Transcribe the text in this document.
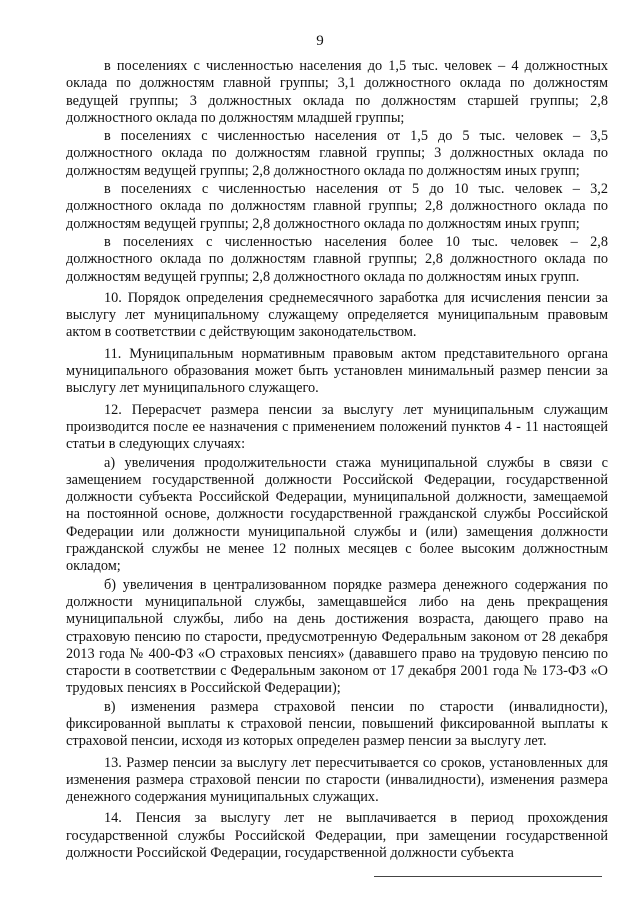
9

в поселениях с численностью населения до 1,5 тыс. человек – 4 должностных оклада по должностям главной группы; 3,1 должностного оклада по должностям ведущей группы; 3 должностных оклада по должностям старшей группы; 2,8 должностного оклада по должностям младшей группы;

в поселениях с численностью населения от 1,5 до 5 тыс. человек – 3,5 должностного оклада по должностям главной группы; 3 должностных оклада по должностям ведущей группы; 2,8 должностного оклада по должностям иных групп;

в поселениях с численностью населения от 5 до 10 тыс. человек – 3,2 должностного оклада по должностям главной группы; 2,8 должностного оклада по должностям ведущей группы; 2,8 должностного оклада по должностям иных групп;

в поселениях с численностью населения более 10 тыс. человек – 2,8 должностного оклада по должностям главной группы; 2,8 должностного оклада по должностям ведущей группы; 2,8 должностного оклада по должностям иных групп.

10. Порядок определения среднемесячного заработка для исчисления пенсии за выслугу лет муниципальному служащему определяется муниципальным правовым актом в соответствии с действующим законодательством.

11. Муниципальным нормативным правовым актом представительного органа муниципального образования может быть установлен минимальный размер пенсии за выслугу лет муниципального служащего.

12. Перерасчет размера пенсии за выслугу лет муниципальным служащим производится после ее назначения с применением положений пунктов 4 - 11 настоящей статьи в следующих случаях:

а) увеличения продолжительности стажа муниципальной службы в связи с замещением государственной должности Российской Федерации, государственной должности субъекта Российской Федерации, муниципальной должности, замещаемой на постоянной основе, должности государственной гражданской службы Российской Федерации или должности муниципальной службы и (или) замещения должности гражданской службы не менее 12 полных месяцев с более высоким должностным окладом;

б) увеличения в централизованном порядке размера денежного содержания по должности муниципальной службы, замещавшейся либо на день прекращения муниципальной службы, либо на день достижения возраста, дающего право на страховую пенсию по старости, предусмотренную Федеральным законом от 28 декабря 2013 года № 400-ФЗ «О страховых пенсиях» (дававшего право на трудовую пенсию по старости в соответствии с Федеральным законом от 17 декабря 2001 года № 173-ФЗ «О трудовых пенсиях в Российской Федерации);

в) изменения размера страховой пенсии по старости (инвалидности), фиксированной выплаты к страховой пенсии, повышений фиксированной выплаты к страховой пенсии, исходя из которых определен размер пенсии за выслугу лет.

13. Размер пенсии за выслугу лет пересчитывается со сроков, установленных для изменения размера страховой пенсии по старости (инвалидности), изменения размера денежного содержания муниципальных служащих.

14. Пенсия за выслугу лет не выплачивается в период прохождения государственной службы Российской Федерации, при замещении государственной должности Российской Федерации, государственной должности субъекта
